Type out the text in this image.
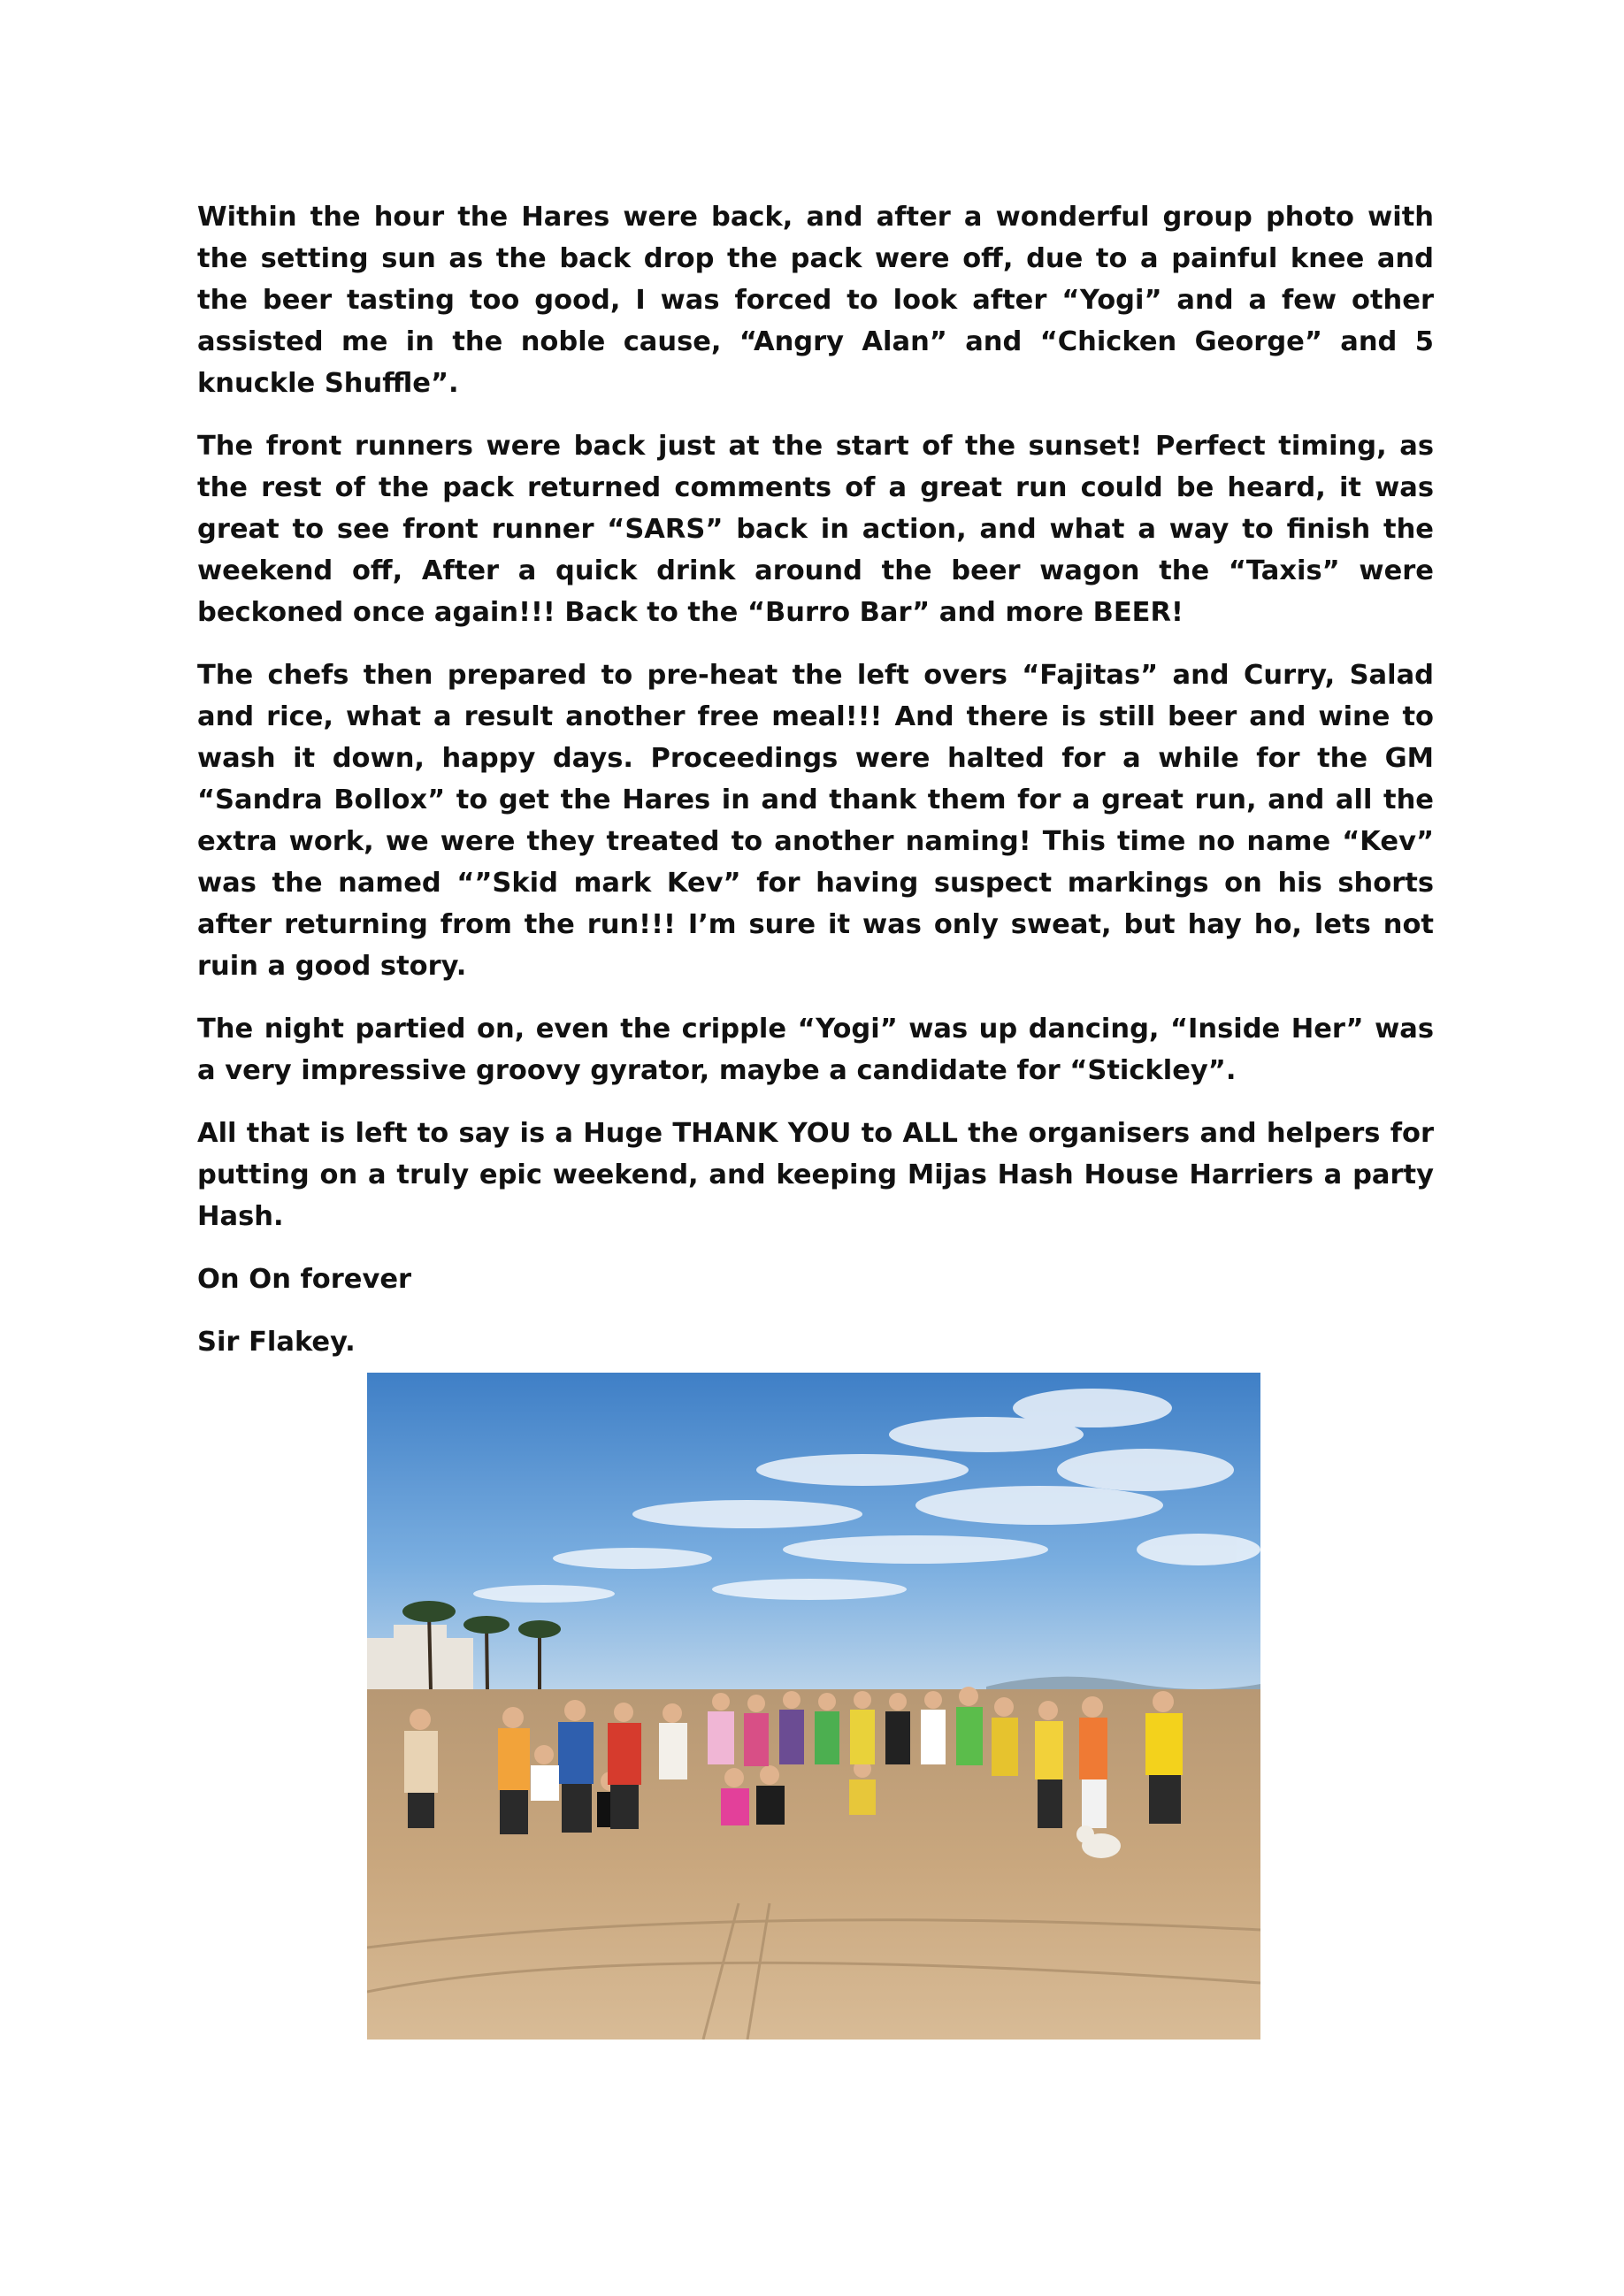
Within the hour the Hares were back, and after a wonderful group photo with the setting sun as the back drop the pack were off, due to a painful knee and the beer tasting too good, I was forced to look after “Yogi” and a few other assisted me in the noble cause, “Angry Alan” and “Chicken George” and 5 knuckle Shuffle”.

The front runners were back just at the start of the sunset! Perfect timing, as the rest of the pack returned comments of a great run could be heard, it was great to see front runner “SARS” back in action, and what a way to finish the weekend off, After a quick drink around the beer wagon the “Taxis” were beckoned once again!!! Back to the “Burro Bar” and more BEER!

The chefs then prepared to pre-heat the left overs “Fajitas” and Curry, Salad and rice, what a result another free meal!!! And there is still beer and wine to wash it down, happy days. Proceedings were halted for a while for the GM “Sandra Bollox” to get the Hares in and thank them for a great run, and all the extra work, we were they treated to another naming! This time no name “Kev” was the named “”Skid mark Kev” for having suspect markings on his shorts after returning from the run!!! I’m sure it was only sweat, but hay ho, lets not ruin a good story.

The night partied on, even the cripple “Yogi” was up dancing, “Inside Her” was a very impressive groovy gyrator, maybe a candidate for “Stickley”.

All that is left to say is a Huge THANK YOU to ALL the organisers and helpers for putting on a truly epic weekend, and keeping Mijas Hash House Harriers a party Hash.

On On forever

Sir Flakey.
